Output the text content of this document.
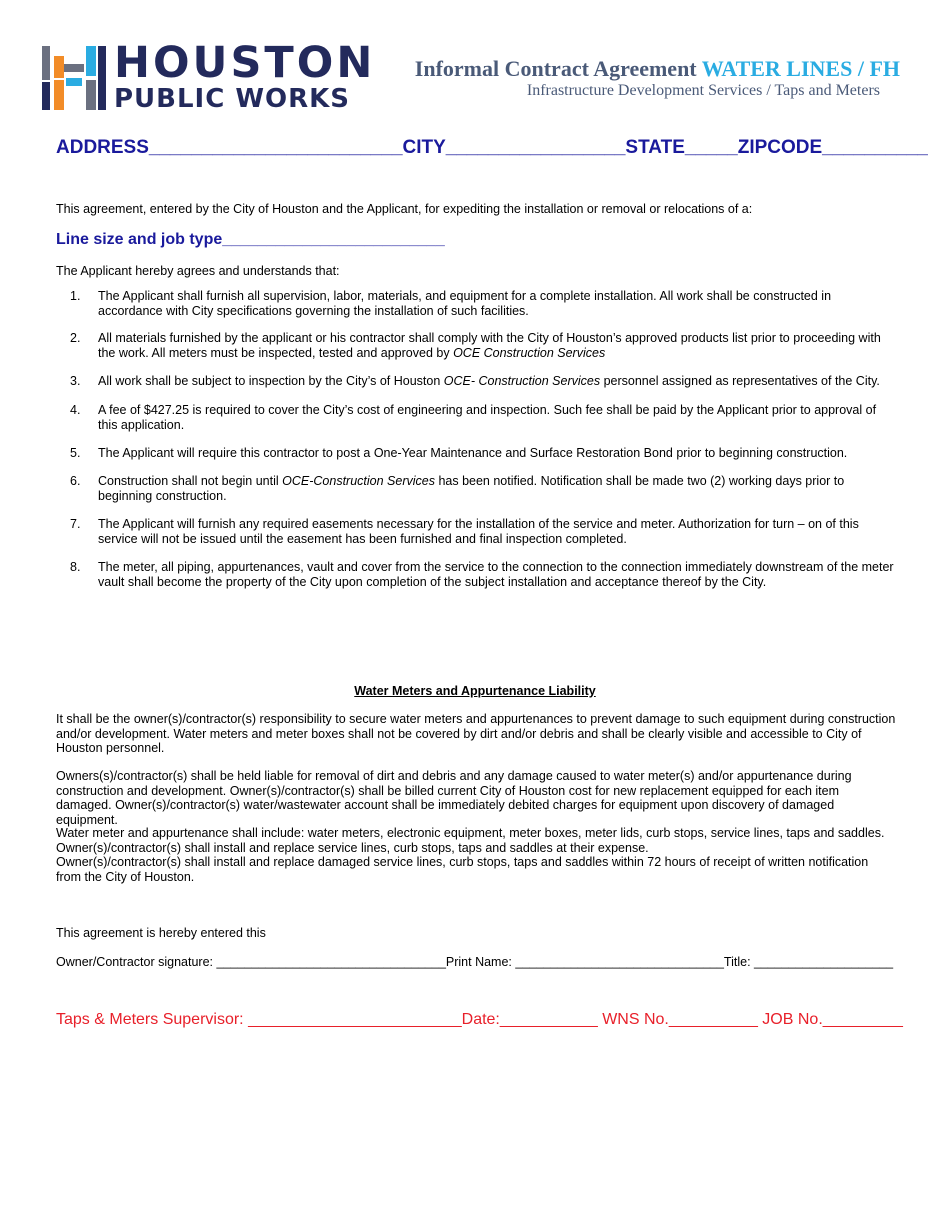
HOUSTON
PUBLIC WORKS
Informal Contract Agreement WATER LINES / FH
Infrastructure Development Services / Taps and Meters
ADDRESS________________________CITY_________________STATE_____ZIPCODE__________
This agreement, entered by the City of Houston and the Applicant, for expediting the installation or removal or relocations of a:
Line size and job type_________________________
The Applicant hereby agrees and understands that:
1. The Applicant shall furnish all supervision, labor, materials, and equipment for a complete installation. All work shall be constructed in accordance with City specifications governing the installation of such facilities.
2. All materials furnished by the applicant or his contractor shall comply with the City of Houston’s approved products list prior to proceeding with the work. All meters must be inspected, tested and approved by OCE Construction Services
3. All work shall be subject to inspection by the City’s of Houston OCE- Construction Services personnel assigned as representatives of the City.
4. A fee of $427.25 is required to cover the City’s cost of engineering and inspection. Such fee shall be paid by the Applicant prior to approval of this application.
5. The Applicant will require this contractor to post a One-Year Maintenance and Surface Restoration Bond prior to beginning construction.
6. Construction shall not begin until OCE-Construction Services has been notified. Notification shall be made two (2) working days prior to beginning construction.
7. The Applicant will furnish any required easements necessary for the installation of the service and meter. Authorization for turn – on of this service will not be issued until the easement has been furnished and final inspection completed.
8. The meter, all piping, appurtenances, vault and cover from the service to the connection to the connection immediately downstream of the meter vault shall become the property of the City upon completion of the subject installation and acceptance thereof by the City.
Water Meters and Appurtenance Liability
It shall be the owner(s)/contractor(s) responsibility to secure water meters and appurtenances to prevent damage to such equipment during construction and/or development. Water meters and meter boxes shall not be covered by dirt and/or debris and shall be clearly visible and accessible to City of Houston personnel.
Owners(s)/contractor(s) shall be held liable for removal of dirt and debris and any damage caused to water meter(s) and/or appurtenance during construction and development. Owner(s)/contractor(s) shall be billed current City of Houston cost for new replacement equipped for each item damaged. Owner(s)/contractor(s) water/wastewater account shall be immediately debited charges for equipment upon discovery of damaged equipment.
Water meter and appurtenance shall include: water meters, electronic equipment, meter boxes, meter lids, curb stops, service lines, taps and saddles.
Owner(s)/contractor(s) shall install and replace service lines, curb stops, taps and saddles at their expense.
Owner(s)/contractor(s) shall install and replace damaged service lines, curb stops, taps and saddles within 72 hours of receipt of written notification from the City of Houston.
This agreement is hereby entered this
Owner/Contractor signature: _________________________________Print Name: ______________________________Title: ____________________
Taps & Meters Supervisor: ________________________Date:___________ WNS No.__________ JOB No._________
